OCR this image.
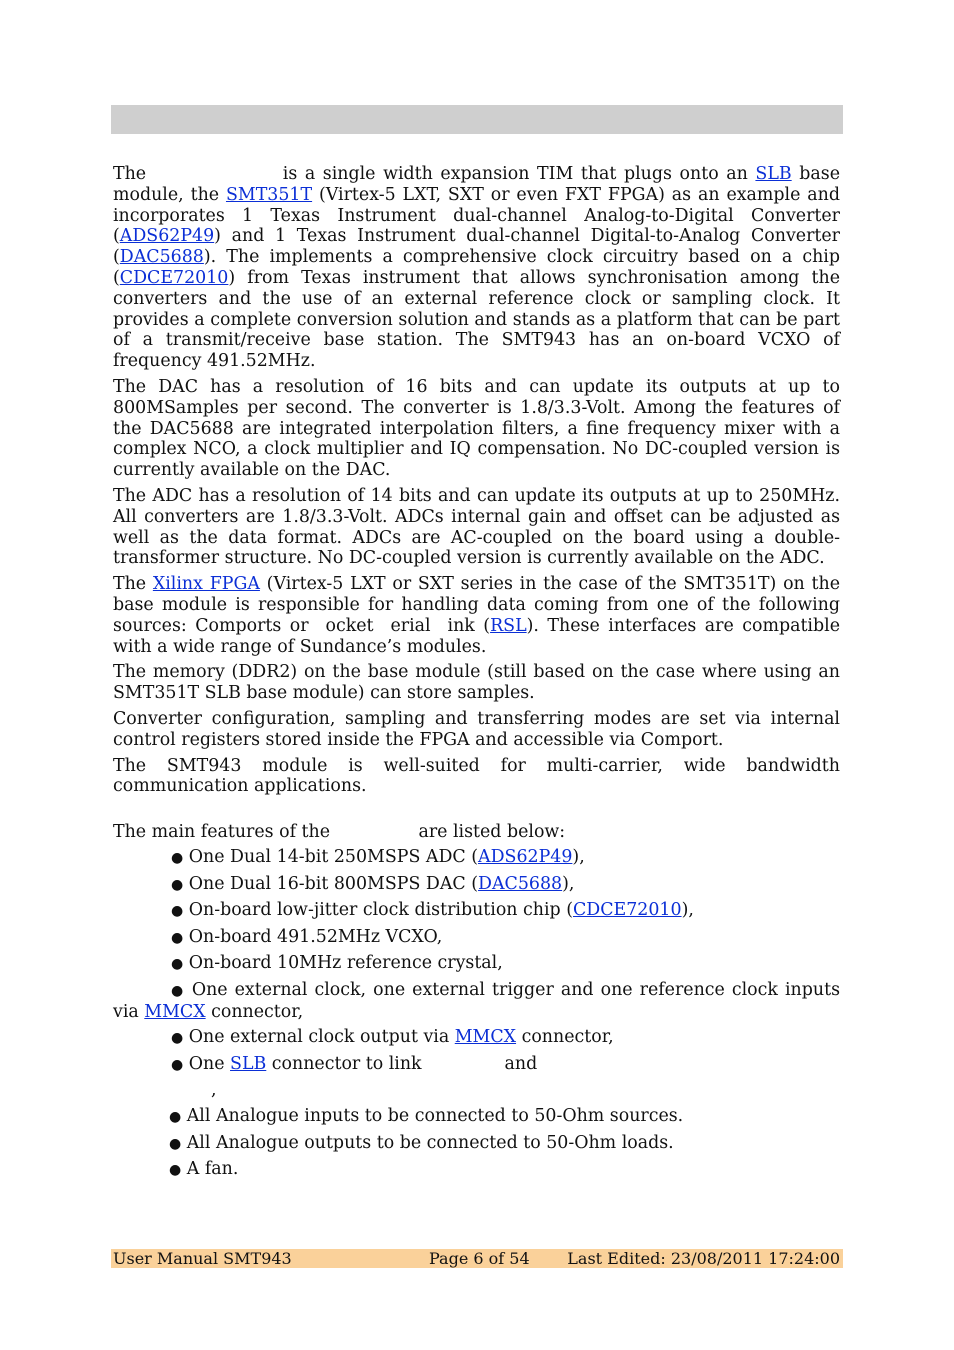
The	is a single width expansion TIM that plugs onto an SLB base module, the SMT351T (Virtex-5 LXT, SXT or even FXT FPGA) as an example and incorporates 1 Texas Instrument dual-channel Analog-to-Digital Converter (ADS62P49) and 1 Texas Instrument dual-channel Digital-to-Analog Converter (DAC5688). The implements a comprehensive clock circuitry based on a chip (CDCE72010) from Texas instrument that allows synchronisation among the converters and the use of an external reference clock or sampling clock. It provides a complete conversion solution and stands as a platform that can be part of a transmit/receive base station. The SMT943 has an on-board VCXO of frequency 491.52MHz.
The DAC has a resolution of 16 bits and can update its outputs at up to 800MSamples per second. The converter is 1.8/3.3-Volt. Among the features of the DAC5688 are integrated interpolation filters, a fine frequency mixer with a complex NCO, a clock multiplier and IQ compensation. No DC-coupled version is currently available on the DAC.
The ADC has a resolution of 14 bits and can update its outputs at up to 250MHz. All converters are 1.8/3.3-Volt. ADCs internal gain and offset can be adjusted as well as the data format. ADCs are AC-coupled on the board using a double-transformer structure. No DC-coupled version is currently available on the ADC.
The Xilinx FPGA (Virtex-5 LXT or SXT series in the case of the SMT351T) on the base module is responsible for handling data coming from one of the following sources: Comports or  ocket  erial  ink (RSL). These interfaces are compatible with a wide range of Sundance’s modules.
The memory (DDR2) on the base module (still based on the case where using an SMT351T SLB base module) can store samples.
Converter configuration, sampling and transferring modes are set via internal control registers stored inside the FPGA and accessible via Comport.
The SMT943 module is well-suited for multi-carrier, wide bandwidth communication applications.
The main features of the                are listed below:
● One Dual 14-bit 250MSPS ADC (ADS62P49),
● One Dual 16-bit 800MSPS DAC (DAC5688),
● On-board low-jitter clock distribution chip (CDCE72010),
● On-board 491.52MHz VCXO,
● On-board 10MHz reference crystal,
● One external clock, one external trigger and one reference clock inputs via MMCX connector,
● One external clock output via MMCX connector,
● One SLB connector to link               and
,
● All Analogue inputs to be connected to 50-Ohm sources.
● All Analogue outputs to be connected to 50-Ohm loads.
● A fan.
User Manual SMT943	Page 6 of 54 Last Edited: 23/08/2011 17:24:00
